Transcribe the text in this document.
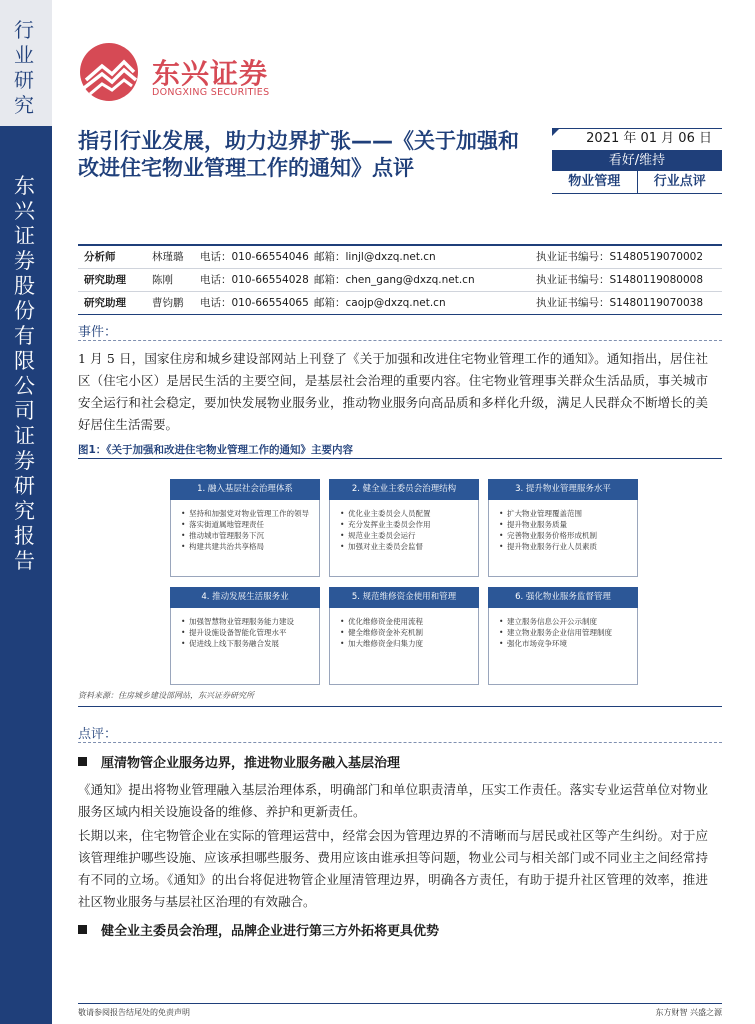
行业研究
东兴证券股份有限公司证券研究报告
东兴证券
DONGXING SECURITIES
指引行业发展，助力边界扩张——《关于加强和改进住宅物业管理工作的通知》点评
2021 年 01 月 06 日
看好/维持
物业管理	行业点评
分析师	林瑾璐 电话：010-66554046 邮箱：linjl@dxzq.net.cn	执业证书编号：S1480519070002
研究助理 陈刚	电话：010-66554028 邮箱：chen_gang@dxzq.net.cn	执业证书编号：S1480119080008
研究助理 曹钧鹏 电话：010-66554065 邮箱：caojp@dxzq.net.cn	执业证书编号：S1480119070038
事件：

1 月 5 日，国家住房和城乡建设部网站上刊登了《关于加强和改进住宅物业管理工作的通知》。通知指出，居住社区（住宅小区）是居民生活的主要空间，是基层社会治理的重要内容。住宅物业管理事关群众生活品质，事关城市安全运行和社会稳定，要加快发展物业服务业，推动物业服务向高品质和多样化升级，满足人民群众不断增长的美好居住生活需要。

图1：《关于加强和改进住宅物业管理工作的通知》主要内容
1. 融入基层社会治理体系
• 坚持和加强党对物业管理工作的领导
• 落实街道属地管理责任
• 推动城市管理服务下沉
• 构建共建共治共享格局
2. 健全业主委员会治理结构
• 优化业主委员会人员配置
• 充分发挥业主委员会作用
• 规范业主委员会运行
• 加强对业主委员会监督
3. 提升物业管理服务水平
• 扩大物业管理覆盖范围
• 提升物业服务质量
• 完善物业服务价格形成机制
• 提升物业服务行业人员素质
4. 推动发展生活服务业
• 加强智慧物业管理服务能力建设
• 提升设施设备智能化管理水平
• 促进线上线下服务融合发展
5. 规范维修资金使用和管理
• 优化维修资金使用流程
• 健全维修资金补充机制
• 加大维修资金归集力度
6. 强化物业服务监督管理
• 建立服务信息公开公示制度
• 建立物业服务企业信用管理制度
• 强化市场竞争环境
资料来源：住房城乡建设部网站，东兴证券研究所
点评：
厘清物管企业服务边界，推进物业服务融入基层治理

《通知》提出将物业管理融入基层治理体系，明确部门和单位职责清单，压实工作责任。落实专业运营单位对物业服务区域内相关设施设备的维修、养护和更新责任。

长期以来，住宅物管企业在实际的管理运营中，经常会因为管理边界的不清晰而与居民或社区等产生纠纷。对于应该管理维护哪些设施、应该承担哪些服务、费用应该由谁承担等问题，物业公司与相关部门或不同业主之间经常持有不同的立场。《通知》的出台将促进物管企业厘清管理边界，明确各方责任，有助于提升社区管理的效率，推进社区物业服务与基层社区治理的有效融合。

健全业主委员会治理，品牌企业进行第三方外拓将更具优势
敬请参阅报告结尾处的免责声明	东方财智 兴盛之源
